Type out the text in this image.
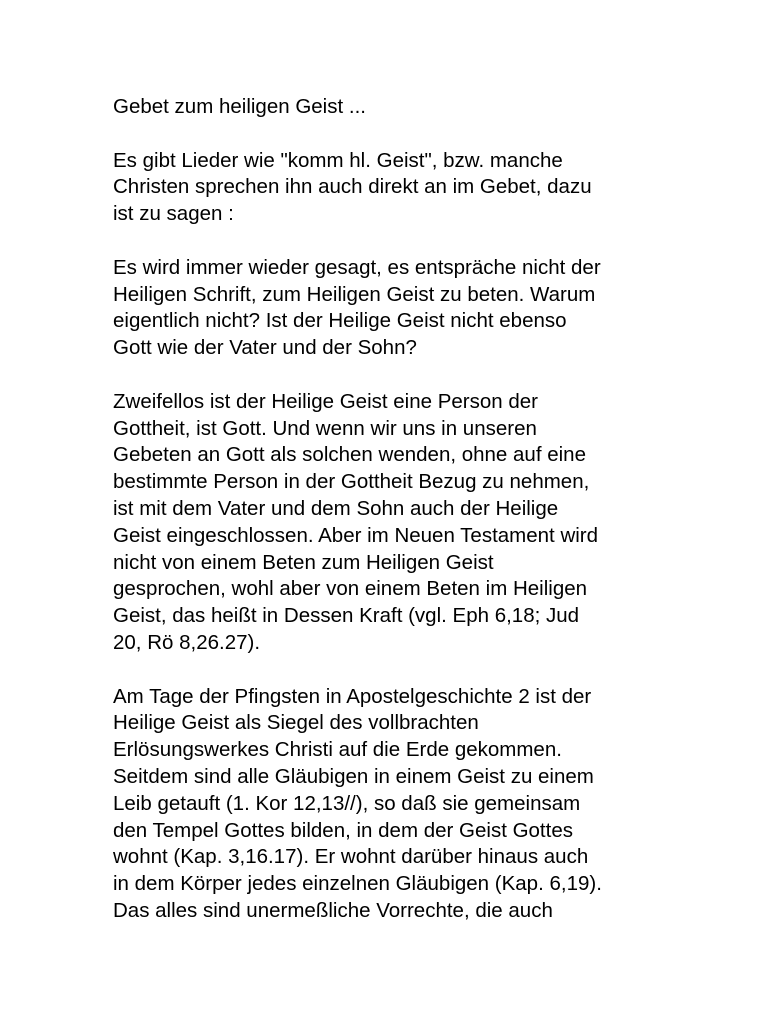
Gebet zum heiligen Geist ...
Es gibt Lieder wie "komm hl. Geist", bzw. manche
Christen sprechen ihn auch direkt an im Gebet, dazu
ist zu sagen :
Es wird immer wieder gesagt, es entspräche nicht der
Heiligen Schrift, zum Heiligen Geist zu beten. Warum
eigentlich nicht? Ist der Heilige Geist nicht ebenso
Gott wie der Vater und der Sohn?
Zweifellos ist der Heilige Geist eine Person der
Gottheit, ist Gott. Und wenn wir uns in unseren
Gebeten an Gott als solchen wenden, ohne auf eine
bestimmte Person in der Gottheit Bezug zu nehmen,
ist mit dem Vater und dem Sohn auch der Heilige
Geist eingeschlossen. Aber im Neuen Testament wird
nicht von einem Beten zum Heiligen Geist
gesprochen, wohl aber von einem Beten im Heiligen
Geist, das heißt in Dessen Kraft (vgl. Eph 6,18; Jud
20, Rö 8,26.27).
Am Tage der Pfingsten in Apostelgeschichte 2 ist der
Heilige Geist als Siegel des vollbrachten
Erlösungswerkes Christi auf die Erde gekommen.
Seitdem sind alle Gläubigen in einem Geist zu einem
Leib getauft (1. Kor 12,13//), so daß sie gemeinsam
den Tempel Gottes bilden, in dem der Geist Gottes
wohnt (Kap. 3,16.17). Er wohnt darüber hinaus auch
in dem Körper jedes einzelnen Gläubigen (Kap. 6,19).
Das alles sind unermeßliche Vorrechte, die auch
